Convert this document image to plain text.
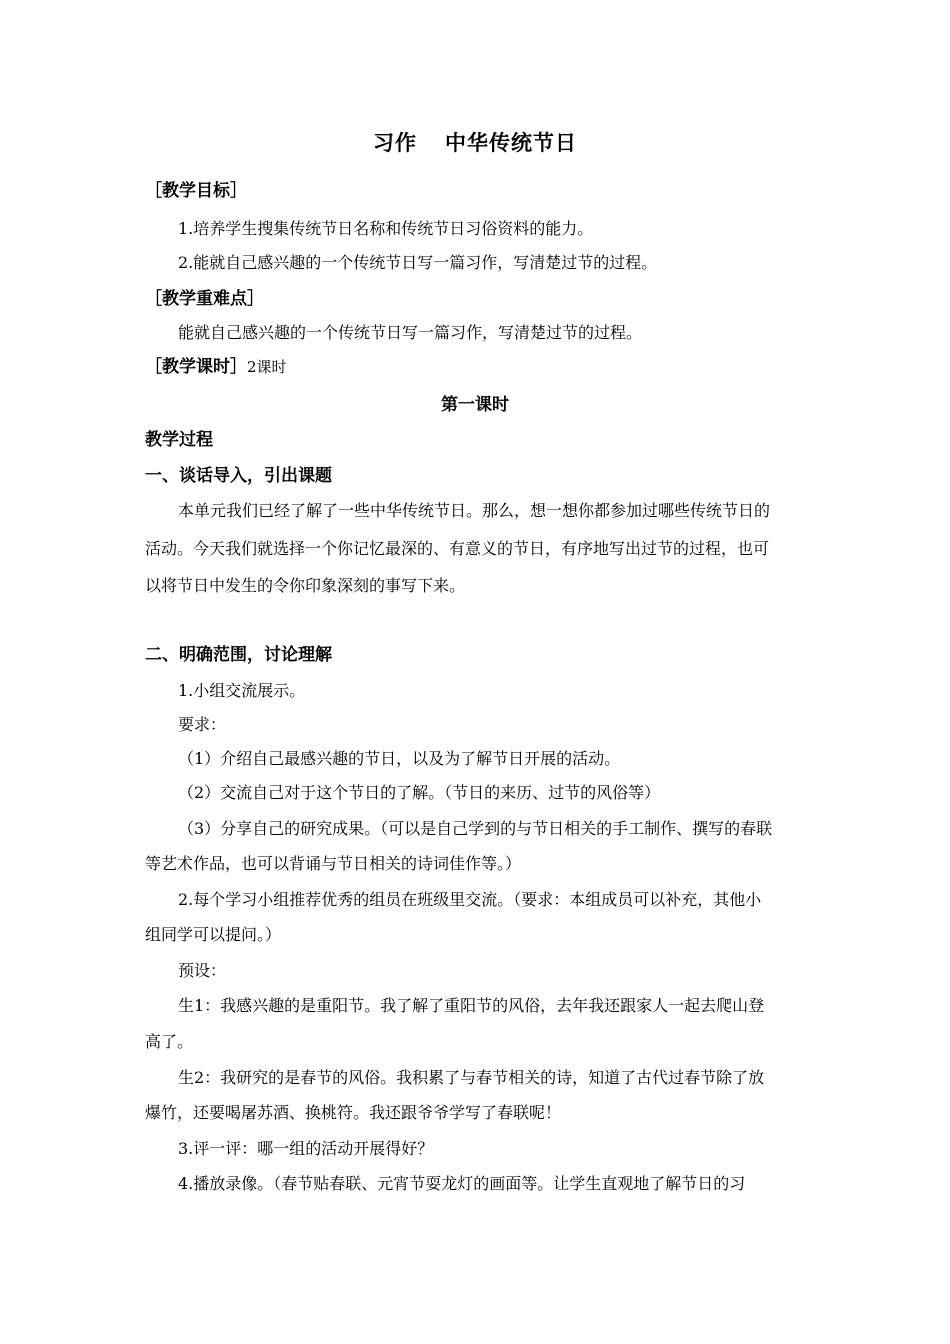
习作 中华传统节日
［教学目标］
1.培养学生搜集传统节日名称和传统节日习俗资料的能力。
2.能就自己感兴趣的一个传统节日写一篇习作，写清楚过节的过程。
［教学重难点］
能就自己感兴趣的一个传统节日写一篇习作，写清楚过节的过程。
［教学课时］2课时
第一课时
教学过程
一、谈话导入，引出课题
本单元我们已经了解了一些中华传统节日。那么，想一想你都参加过哪些传统节日的
活动。今天我们就选择一个你记忆最深的、有意义的节日，有序地写出过节的过程，也可
以将节日中发生的令你印象深刻的事写下来。
二、明确范围，讨论理解
1.小组交流展示。
要求：
（1）介绍自己最感兴趣的节日，以及为了解节日开展的活动。
（2）交流自己对于这个节日的了解。（节日的来历、过节的风俗等）
（3）分享自己的研究成果。（可以是自己学到的与节日相关的手工制作、撰写的春联
等艺术作品，也可以背诵与节日相关的诗词佳作等。）
2.每个学习小组推荐优秀的组员在班级里交流。（要求：本组成员可以补充，其他小
组同学可以提问。）
预设：
生1：我感兴趣的是重阳节。我了解了重阳节的风俗，去年我还跟家人一起去爬山登
高了。
生2：我研究的是春节的风俗。我积累了与春节相关的诗，知道了古代过春节除了放
爆竹，还要喝屠苏酒、换桃符。我还跟爷爷学写了春联呢！
3.评一评：哪一组的活动开展得好？
4.播放录像。（春节贴春联、元宵节耍龙灯的画面等。让学生直观地了解节日的习
